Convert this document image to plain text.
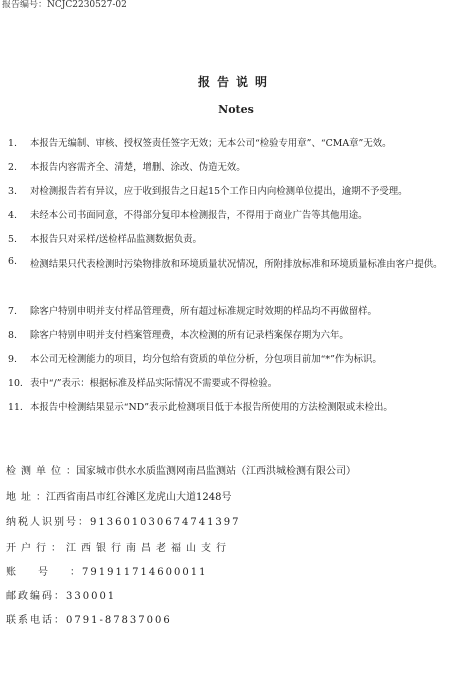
报告编号：NCJC2230527-02
报告说明
Notes
1.	本报告无编制、审核、授权签责任签字无效；无本公司“检验专用章”、“CMA章”无效。
2.	本报告内容需齐全、清楚，增删、涂改、伪造无效。
3.	对检测报告若有异议，应于收到报告之日起15个工作日内向检测单位提出，逾期不予受理。
4.	未经本公司书面同意，不得部分复印本检测报告，不得用于商业广告等其他用途。
5.	本报告只对采样/送检样品监测数据负责。
6.	检测结果只代表检测时污染物排放和环境质量状况情况，所附排放标准和环境质量标准由客户提供。
7.	除客户特别申明并支付样品管理费，所有超过标准规定时效期的样品均不再做留样。
8.	除客户特别申明并支付档案管理费，本次检测的所有记录档案保存期为六年。
9.	本公司无检测能力的项目，均分包给有资质的单位分析，分包项目前加“*”作为标识。
10. 表中“/”表示：根据标准及样品实际情况不需要或不得检验。
11. 本报告中检测结果显示“ND”表示此检测项目低于本报告所使用的方法检测限或未检出。
检测单位：国家城市供水水质监测网南昌监测站（江西洪城检测有限公司）
地址：江西省南昌市红谷滩区龙虎山大道1248号
纳税人识别号：913601030674741397
开户行：江西银行南昌老福山支行
账号：791911714600011
邮政编码：330001
联系电话：0791-87837006
